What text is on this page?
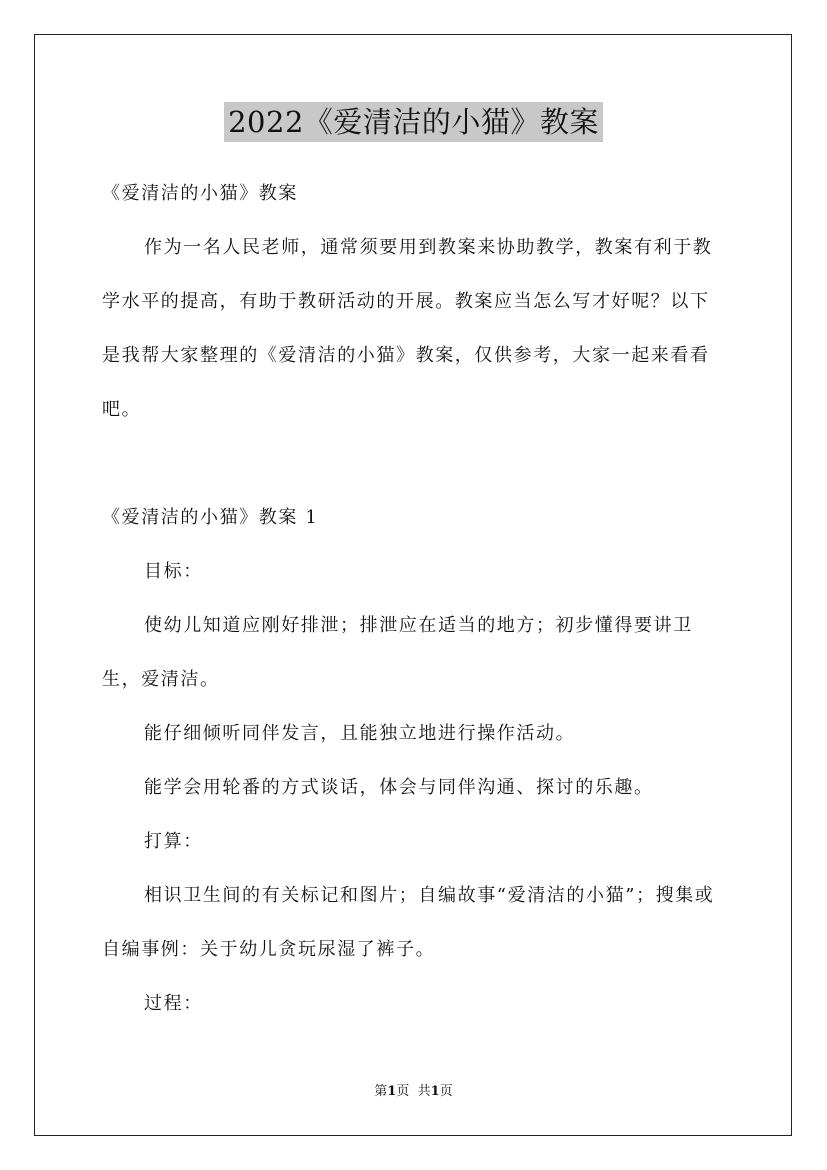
2022《爱清洁的小猫》教案

《爱清洁的小猫》教案

作为一名人民老师，通常须要用到教案来协助教学，教案有利于教学水平的提高，有助于教研活动的开展。教案应当怎么写才好呢？以下是我帮大家整理的《爱清洁的小猫》教案，仅供参考，大家一起来看看吧。

《爱清洁的小猫》教案 1

目标：

使幼儿知道应刚好排泄；排泄应在适当的地方；初步懂得要讲卫生，爱清洁。

能仔细倾听同伴发言，且能独立地进行操作活动。

能学会用轮番的方式谈话，体会与同伴沟通、探讨的乐趣。

打算：

相识卫生间的有关标记和图片；自编故事“爱清洁的小猫”；搜集或自编事例：关于幼儿贪玩尿湿了裤子。

过程：

第1页 共1页
